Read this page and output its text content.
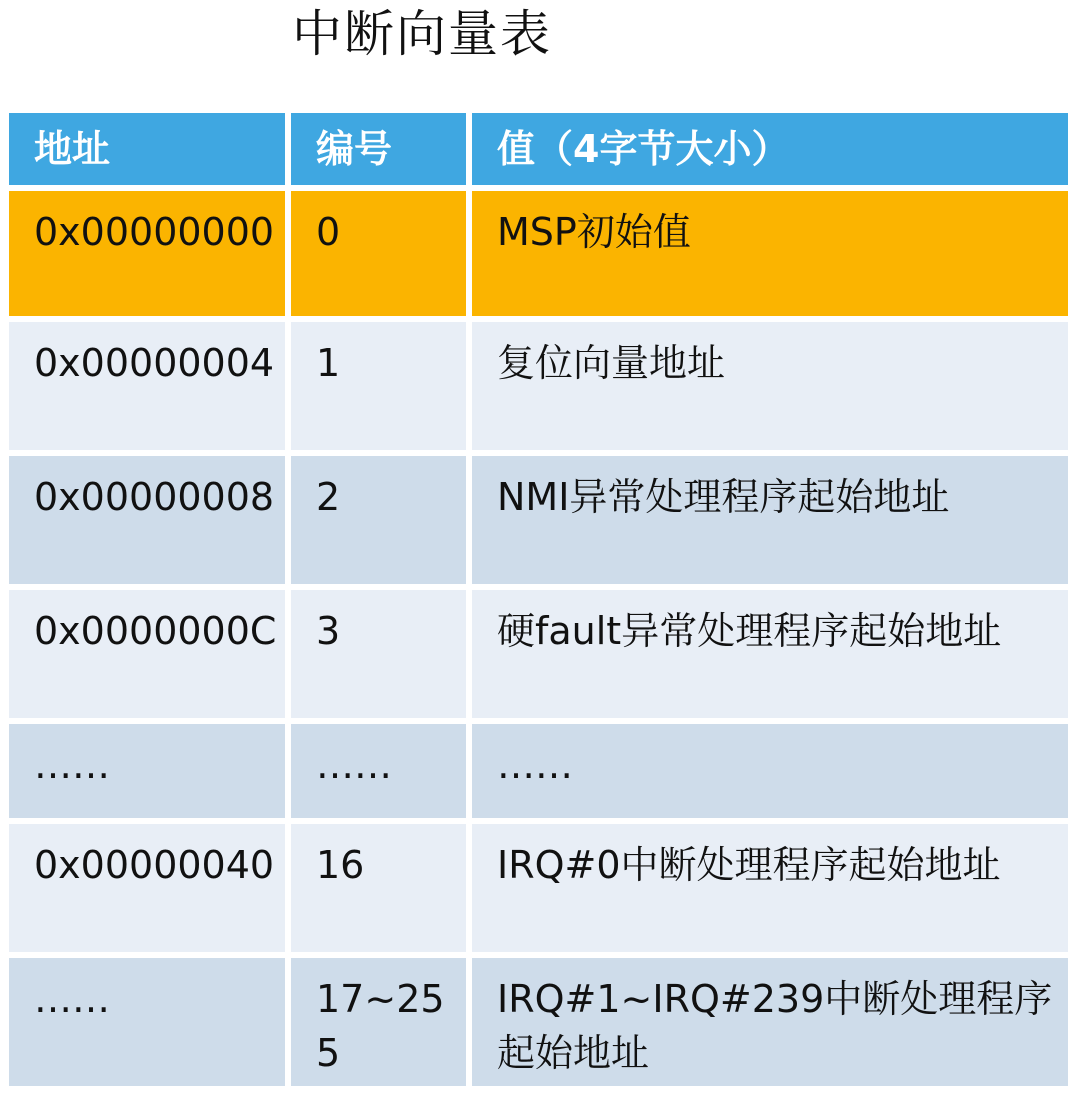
中断向量表
地址	编号	值（4字节大小）

0x00000000	0	MSP初始值

0x00000004	1	复位向量地址

0x00000008	2	NMI异常处理程序起始地址

0x0000000C	3	硬fault异常处理程序起始地址

……	……	……

0x00000040	16	IRQ#0中断处理程序起始地址

……	17~255	IRQ#1~IRQ#239中断处理程序起始地址
